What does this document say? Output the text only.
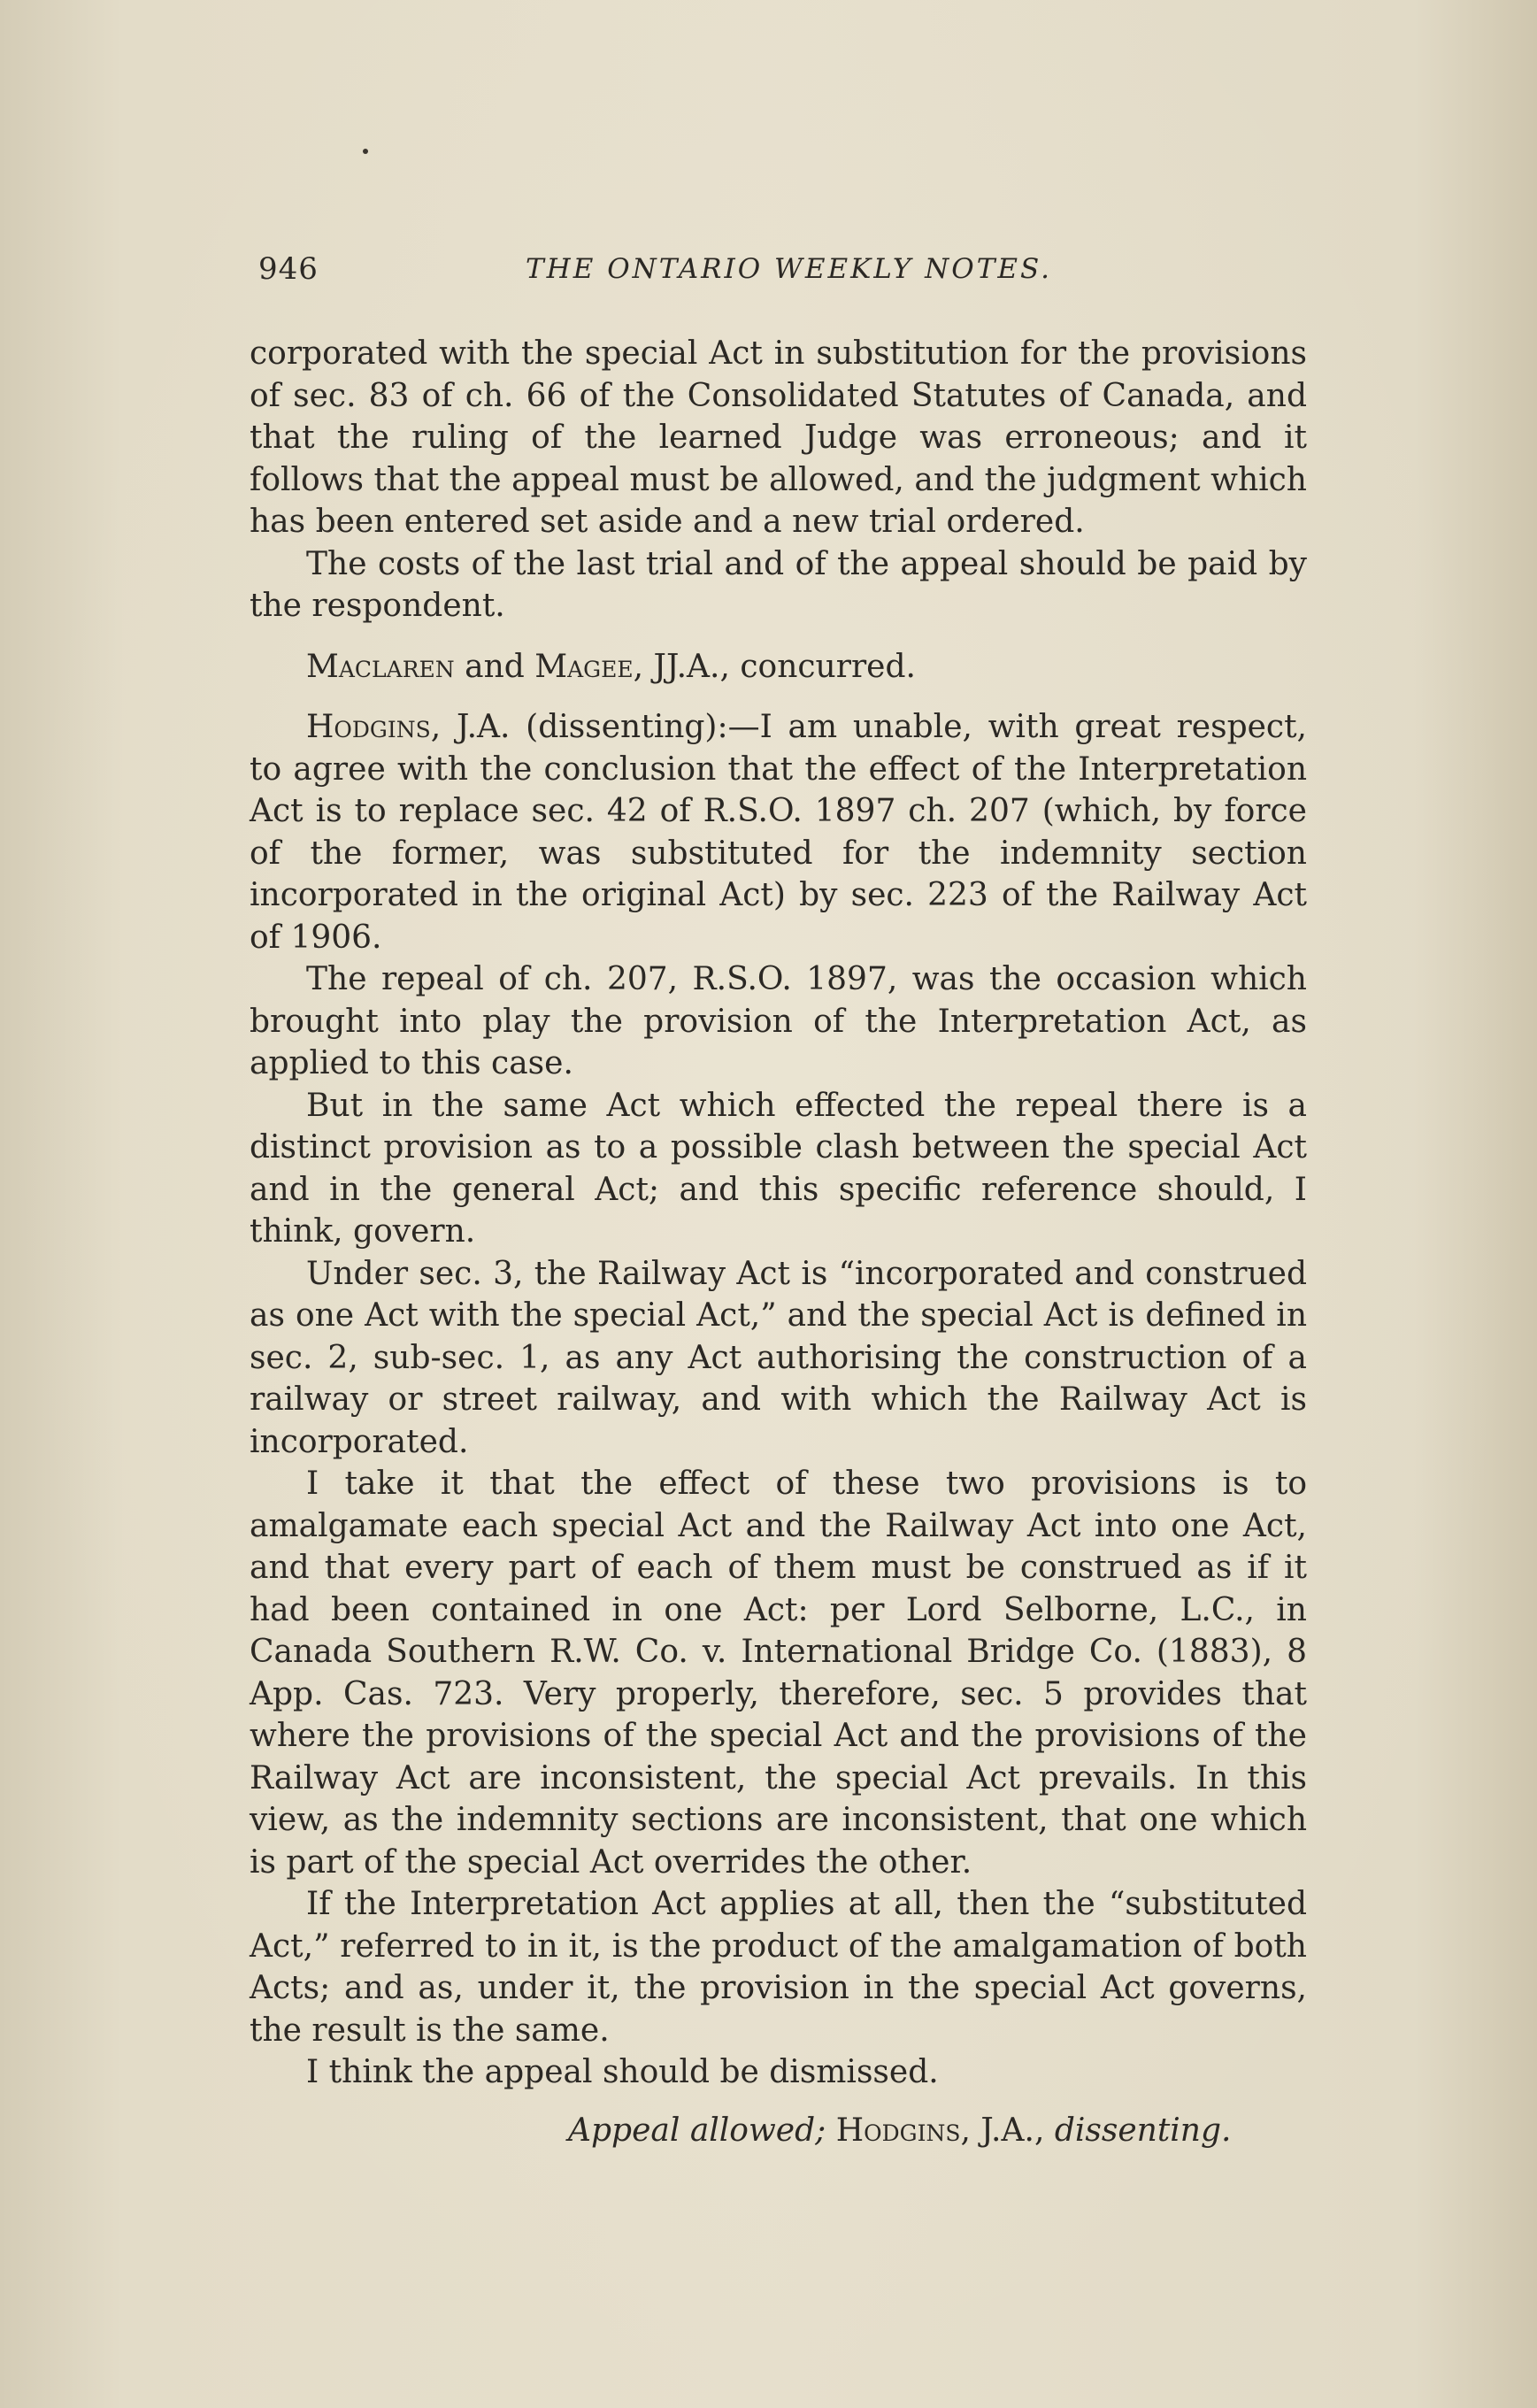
946	THE ONTARIO WEEKLY NOTES.

corporated with the special Act in substitution for the provisions of sec. 83 of ch. 66 of the Consolidated Statutes of Canada, and that the ruling of the learned Judge was erroneous; and it follows that the appeal must be allowed, and the judgment which has been entered set aside and a new trial ordered.

The costs of the last trial and of the appeal should be paid by the respondent.

Maclaren and Magee, JJ.A., concurred.

Hodgins, J.A. (dissenting):—I am unable, with great respect, to agree with the conclusion that the effect of the Interpretation Act is to replace sec. 42 of R.S.O. 1897 ch. 207 (which, by force of the former, was substituted for the indemnity section incorporated in the original Act) by sec. 223 of the Railway Act of 1906.

The repeal of ch. 207, R.S.O. 1897, was the occasion which brought into play the provision of the Interpretation Act, as applied to this case.

But in the same Act which effected the repeal there is a distinct provision as to a possible clash between the special Act and in the general Act; and this specific reference should, I think, govern.

Under sec. 3, the Railway Act is “incorporated and construed as one Act with the special Act,” and the special Act is defined in sec. 2, sub-sec. 1, as any Act authorising the construction of a railway or street railway, and with which the Railway Act is incorporated.

I take it that the effect of these two provisions is to amalgamate each special Act and the Railway Act into one Act, and that every part of each of them must be construed as if it had been contained in one Act: per Lord Selborne, L.C., in Canada Southern R.W. Co. v. International Bridge Co. (1883), 8 App. Cas. 723. Very properly, therefore, sec. 5 provides that where the provisions of the special Act and the provisions of the Railway Act are inconsistent, the special Act prevails. In this view, as the indemnity sections are inconsistent, that one which is part of the special Act overrides the other.

If the Interpretation Act applies at all, then the “substituted Act,” referred to in it, is the product of the amalgamation of both Acts; and as, under it, the provision in the special Act governs, the result is the same.

I think the appeal should be dismissed.

Appeal allowed; Hodgins, J.A., dissenting.
